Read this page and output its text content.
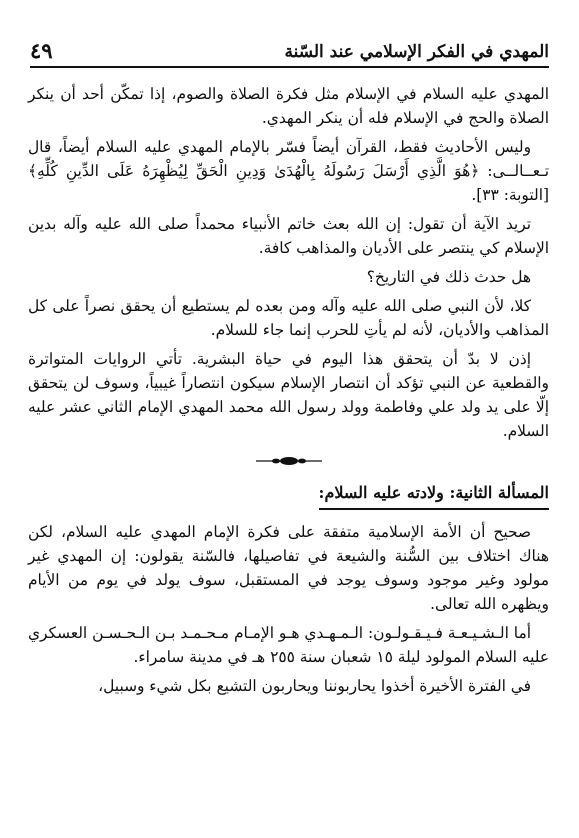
المهدي في الفكر الإسلامي عند السّنة
٤٩

المهدي عليه السلام في الإسلام مثل فكرة الصلاة والصوم، إذا تمكّن أحد أن ينكر الصلاة والحج في الإسلام فله أن ينكر المهدي.

وليس الأحاديث فقط، القرآن أيضاً فسّر بالإمام المهدي عليه السلام أيضاً، قال تـعــالــى: ﴿هُوَ الَّذِي أَرْسَلَ رَسُولَهُ بِالْهُدَىٰ وَدِينِ الْحَقِّ لِيُظْهِرَهُ عَلَى الدِّينِ كُلِّهِ﴾ [التوبة: ٣٣].

تريد الآية أن تقول: إن الله بعث خاتم الأنبياء محمداً صلى الله عليه وآله بدين الإسلام كي ينتصر على الأديان والمذاهب كافة.

هل حدث ذلك في التاريخ؟

كلا، لأن النبي صلى الله عليه وآله ومن بعده لم يستطيع أن يحقق نصراً على كل المذاهب والأديان، لأنه لم يأتِ للحرب إنما جاء للسلام.

إذن لا بدّ أن يتحقق هذا اليوم في حياة البشرية. تأتي الروايات المتواترة والقطعية عن النبي تؤكد أن انتصار الإسلام سيكون انتصاراً غيبياً، وسوف لن يتحقق إلّا على يد ولد علي وفاطمة وولد رسول الله محمد المهدي الإمام الثاني عشر عليه السلام.

المسألة الثانية: ولادته عليه السلام:

صحيح أن الأمة الإسلامية متفقة على فكرة الإمام المهدي عليه السلام، لكن هناك اختلاف بين السُّنة والشيعة في تفاصيلها، فالسّنة يقولون: إن المهدي غير مولود وغير موجود وسوف يوجد في المستقبل، سوف يولد في يوم من الأيام ويظهره الله تعالى.

أما الـشـيـعـة فـيـقـولـون: الـمـهـدي هـو الإمـام مـحـمـد بـن الـحـسـن العسكري عليه السلام المولود ليلة ١٥ شعبان سنة ٢٥٥ هـ في مدينة سامراء.

في الفترة الأخيرة أخذوا يحاربوننا ويحاربون التشيع بكل شيء وسبيل،
